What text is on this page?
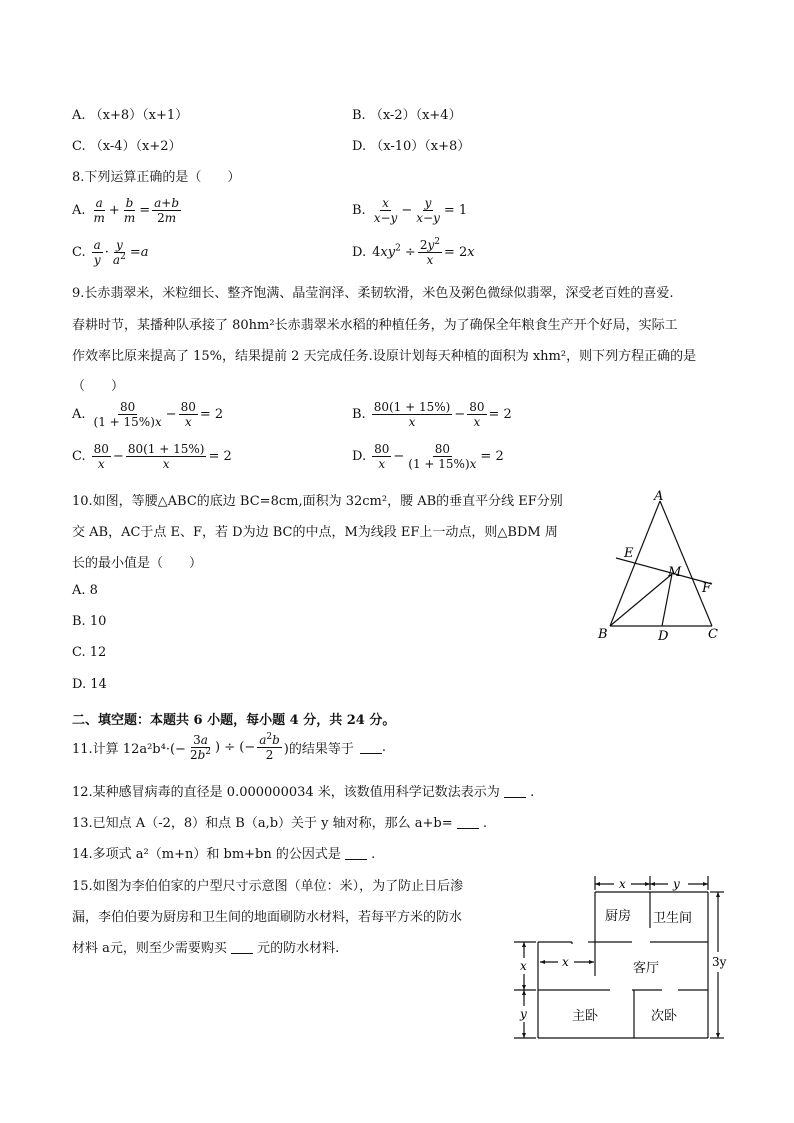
A. （x+8）（x+1）	B. （x-2）（x+4）
C. （x-4）（x+2）	D. （x-10）（x+8）
8.下列运算正确的是（　　）
A. $\frac{a}{m} + \frac{b}{m} = \frac{a+b}{2m}$	B. $\frac{x}{x-y} - \frac{y}{x-y} = 1$
C. $\frac{a}{y} \cdot \frac{y}{a^2} = a$	D. $4xy^2 \div \frac{2y^2}{x} = 2$ x
9.长赤翡翠米，米粒细长、整齐饱满、晶莹润泽、柔韧软滑，米色及粥色微绿似翡翠，深受老百姓的喜爱.
春耕时节，某播种队承接了 80hm²长赤翡翠米水稻的种植任务，为了确保全年粮食生产开个好局，实际工
作效率比原来提高了 15%，结果提前 2 天完成任务.设原计划每天种植的面积为 xhm²，则下列方程正确的是
（　　）
A. $\frac{80}{(1 + 15\%)x} - \frac{80}{x} = 2$	B. $\frac{80(1 + 15\%)}{x} - \frac{80}{x} = 2$
C. $\frac{80}{x} - \frac{80(1 + 15\%)}{x} = 2$	D. $\frac{80}{x} - \frac{80}{(1 + 15\%)x} = 2$
10.如图，等腰△ABC的底边 BC=8cm,面积为 32cm²，腰 AB的垂直平分线 EF分别
交 AB，AC于点 E、F，若 D为边 BC的中点，M为线段 EF上一动点，则△BDM 周
长的最小值是（　　）
A. 8
B. 10
C. 12
D. 14
A
B	C
D
E
F
M
二、填空题：本题共 6 小题，每小题 4 分，共 24 分。
11.计算 $12a^2b^4\cdot(- \frac{3a}{2b^2}$ ) ÷ (− $\frac{a^2b}{2}$ )的结果等于 .
12.某种感冒病毒的直径是 0.000000034 米，该数值用科学记数法表示为 .
13.已知点 A（-2，8）和点 B（a,b）关于 y 轴对称，那么 a+b= .
14.多项式 a²（m+n）和 bm+bn 的公因式是 .
15.如图为李伯伯家的户型尺寸示意图（单位：米），为了防止日后渗
漏，李伯伯要为厨房和卫生间的地面刷防水材料，若每平方米的防水
材料 a元，则至少需要购买 元的防水材料.
x	y
3y
x
y
x
厨房 卫生间
客厅
主卧	次卧
